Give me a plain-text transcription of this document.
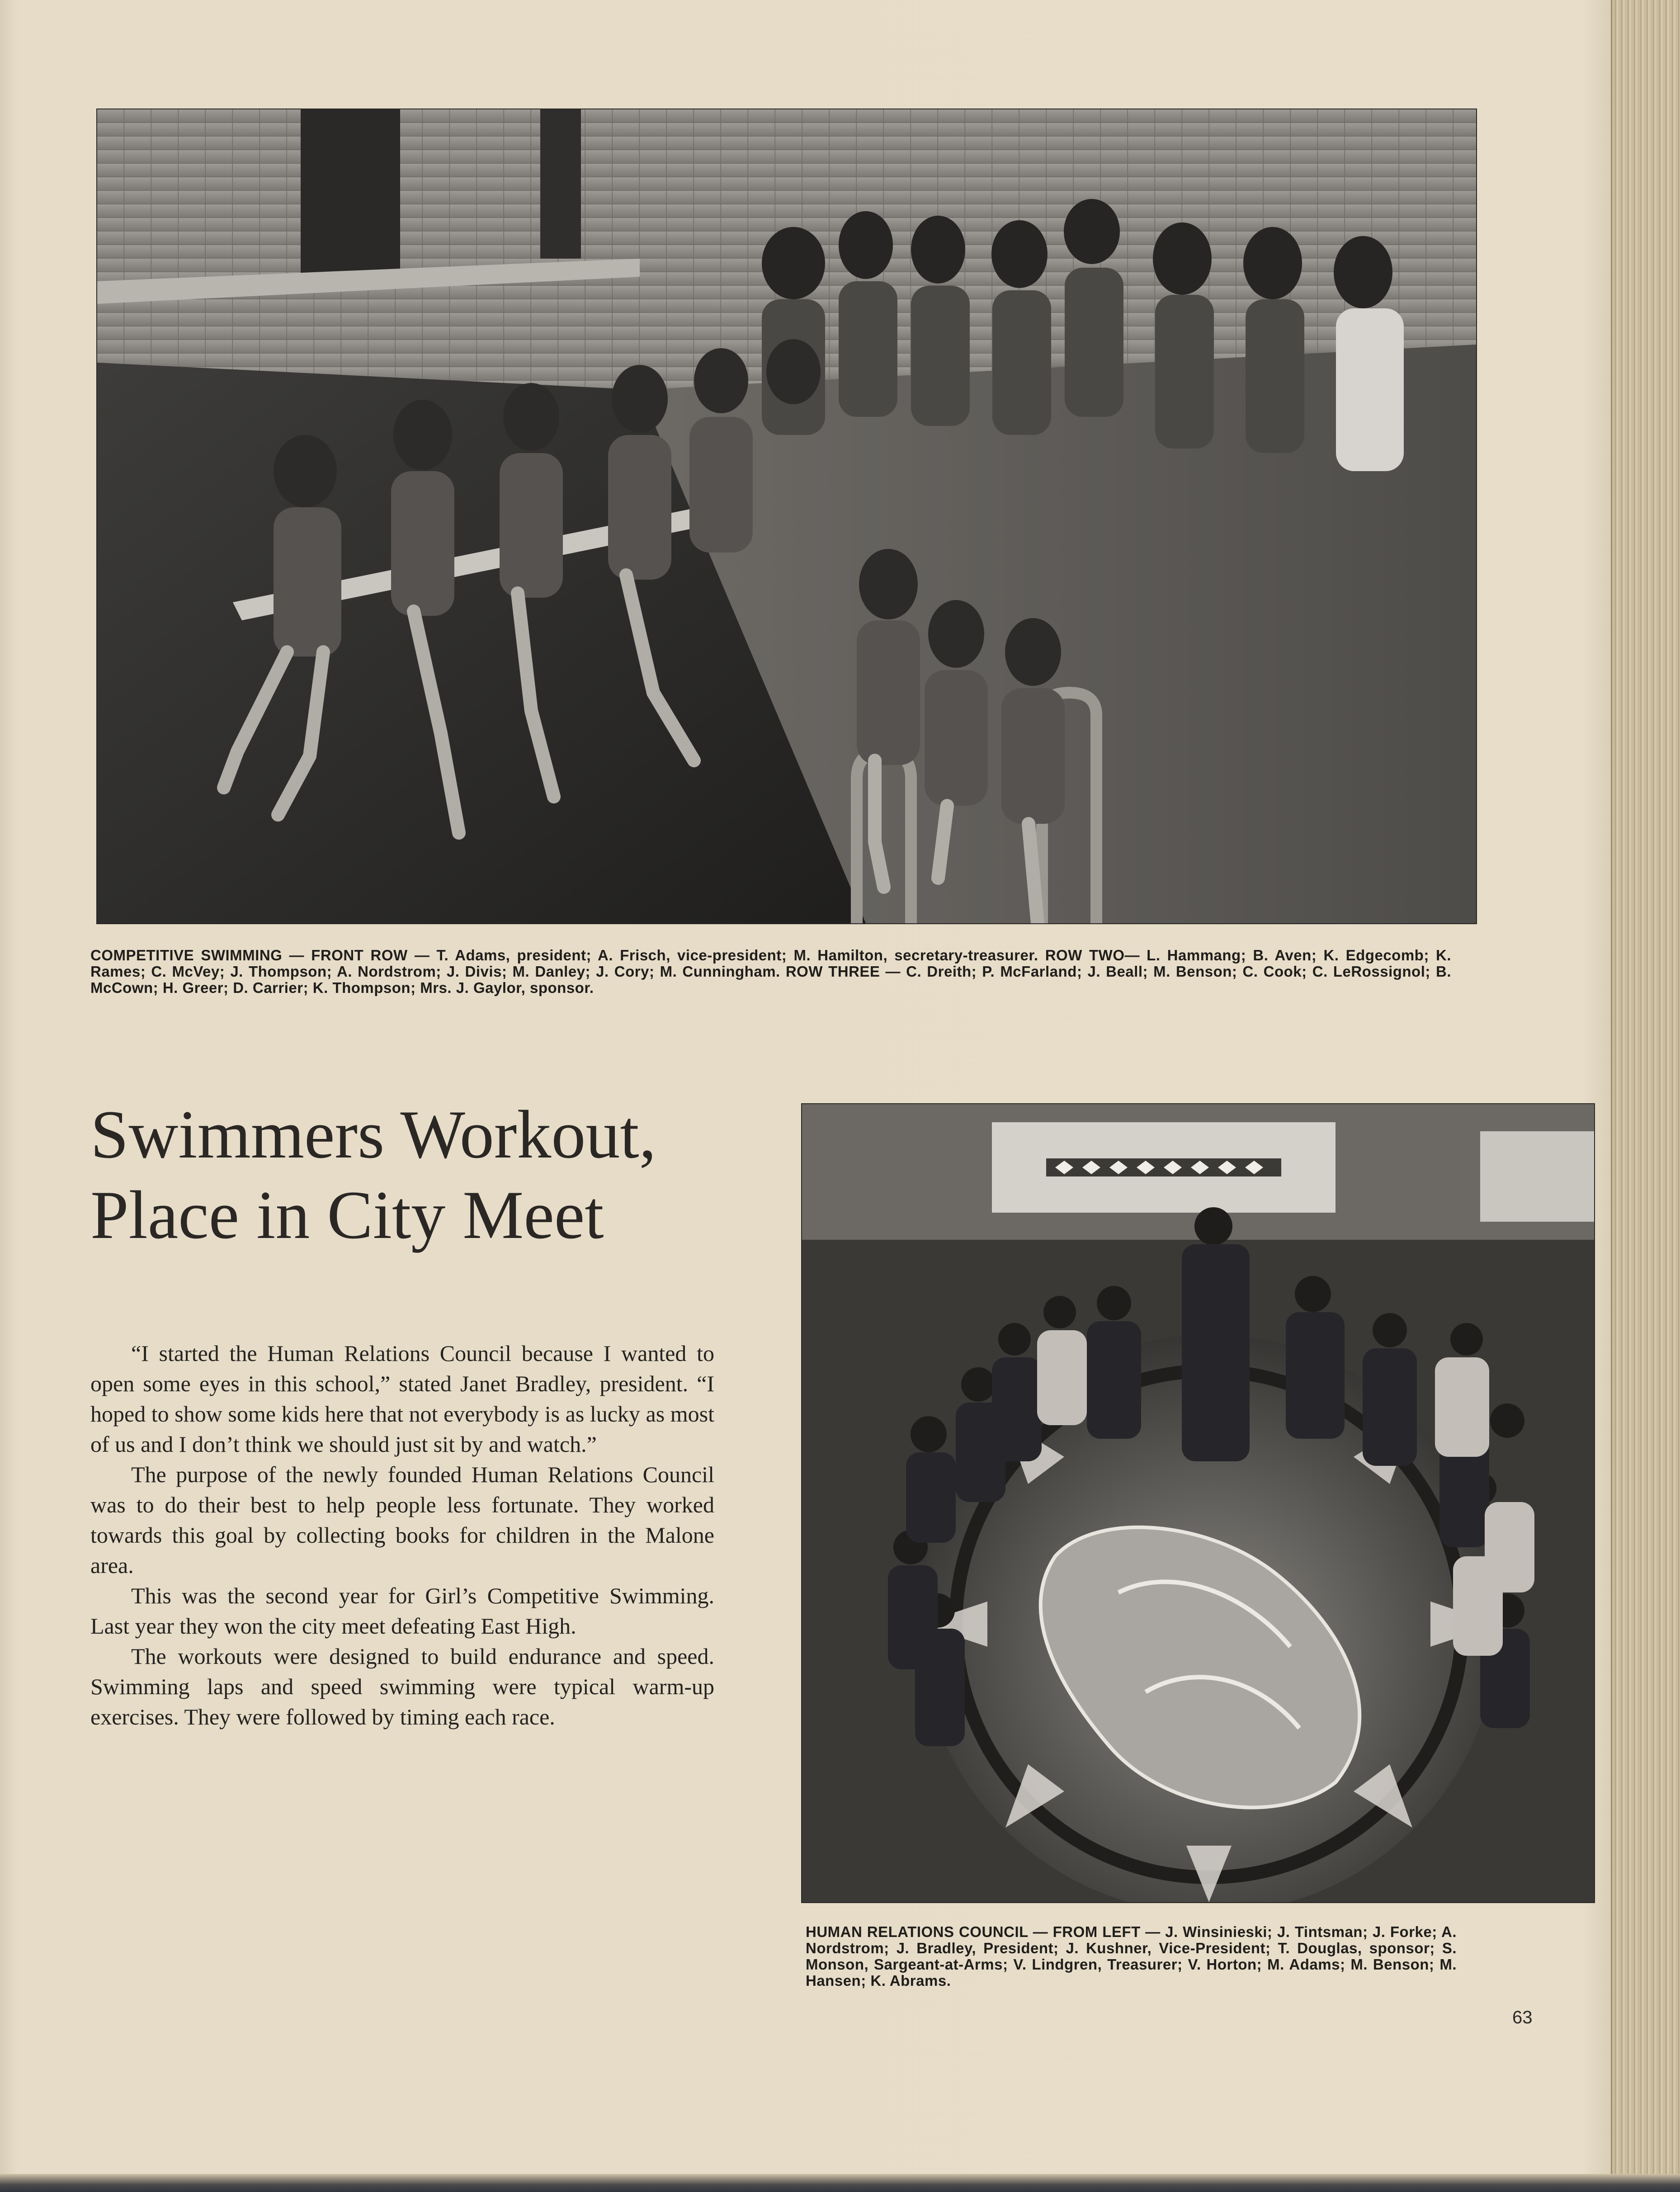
COMPETITIVE SWIMMING — FRONT ROW — T. Adams, president; A. Frisch, vice-president; M. Hamilton, secretary-treasurer. ROW TWO— L. Hammang; B. Aven; K. Edgecomb; K. Rames; C. McVey; J. Thompson; A. Nordstrom; J. Divis; M. Danley; J. Cory; M. Cunningham. ROW THREE — C. Dreith; P. McFarland; J. Beall; M. Benson; C. Cook; C. LeRossignol; B. McCown; H. Greer; D. Carrier; K. Thompson; Mrs. J. Gaylor, sponsor.
Swimmers Workout,
Place in City Meet

“I started the Human Relations Council because I wanted to open some eyes in this school,” stated Janet Bradley, president. “I hoped to show some kids here that not everybody is as lucky as most of us and I don’t think we should just sit by and watch.”

The purpose of the newly founded Human Relations Council was to do their best to help people less fortunate. They worked towards this goal by collecting books for children in the Malone area.

This was the second year for Girl’s Competitive Swimming. Last year they won the city meet defeating East High.

The workouts were designed to build endurance and speed. Swimming laps and speed swimming were typical warm-up exercises. They were followed by timing each race.

HUMAN RELATIONS COUNCIL — FROM LEFT — J. Winsinieski; J. Tintsman; J. Forke; A. Nordstrom; J. Bradley, President; J. Kushner, Vice-President; T. Douglas, sponsor; S. Monson, Sargeant-at-Arms; V. Lindgren, Treasurer; V. Horton; M. Adams; M. Benson; M. Hansen; K. Abrams.
63
